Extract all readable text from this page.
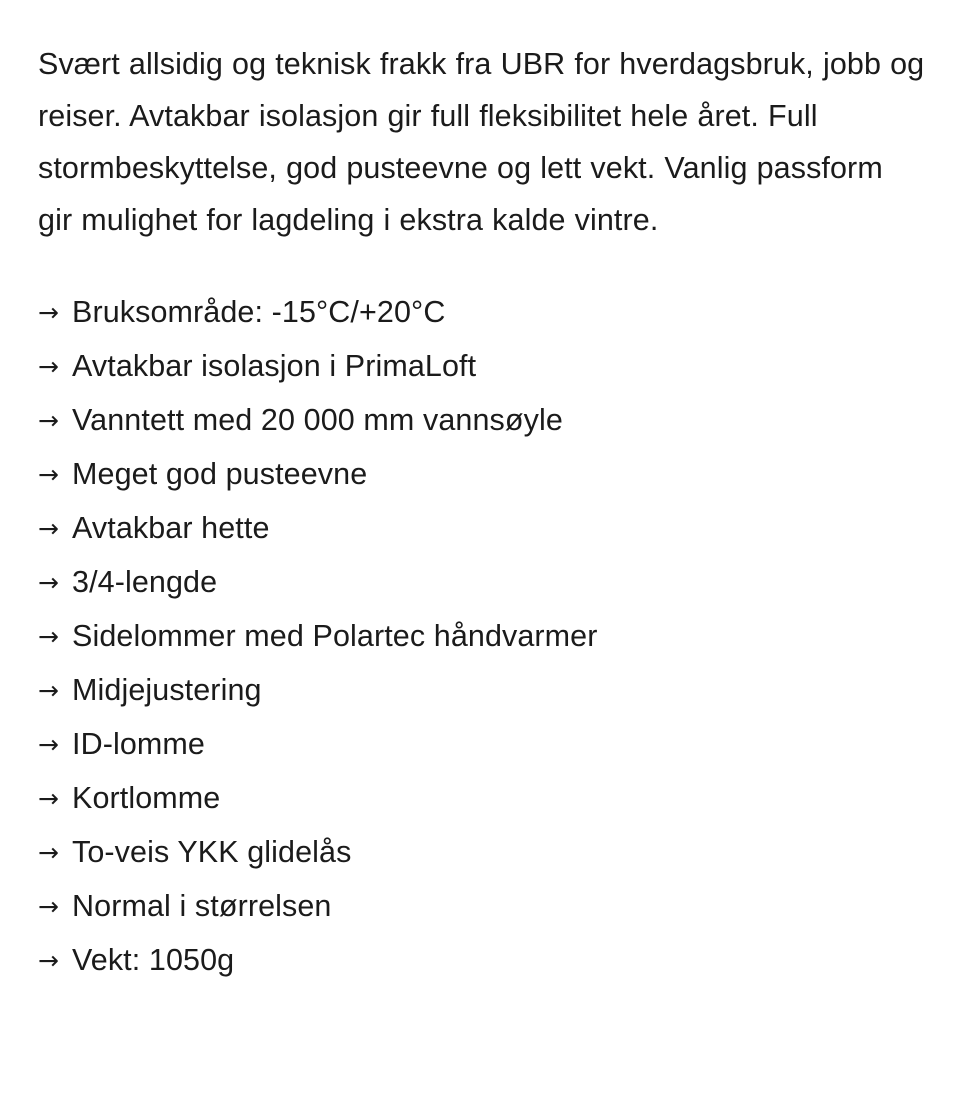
Svært allsidig og teknisk frakk fra UBR for hverdagsbruk, jobb og reiser. Avtakbar isolasjon gir full fleksibilitet hele året. Full stormbeskyttelse, god pusteevne og lett vekt. Vanlig passform gir mulighet for lagdeling i ekstra kalde vintre.

→ Bruksområde: -15°C/+20°C
→ Avtakbar isolasjon i PrimaLoft
→ Vanntett med 20 000 mm vannsøyle
→ Meget god pusteevne
→ Avtakbar hette
→ 3/4-lengde
→ Sidelommer med Polartec håndvarmer
→ Midjejustering
→ ID-lomme
→ Kortlomme
→ To-veis YKK glidelås
→ Normal i størrelsen
→ Vekt: 1050g
